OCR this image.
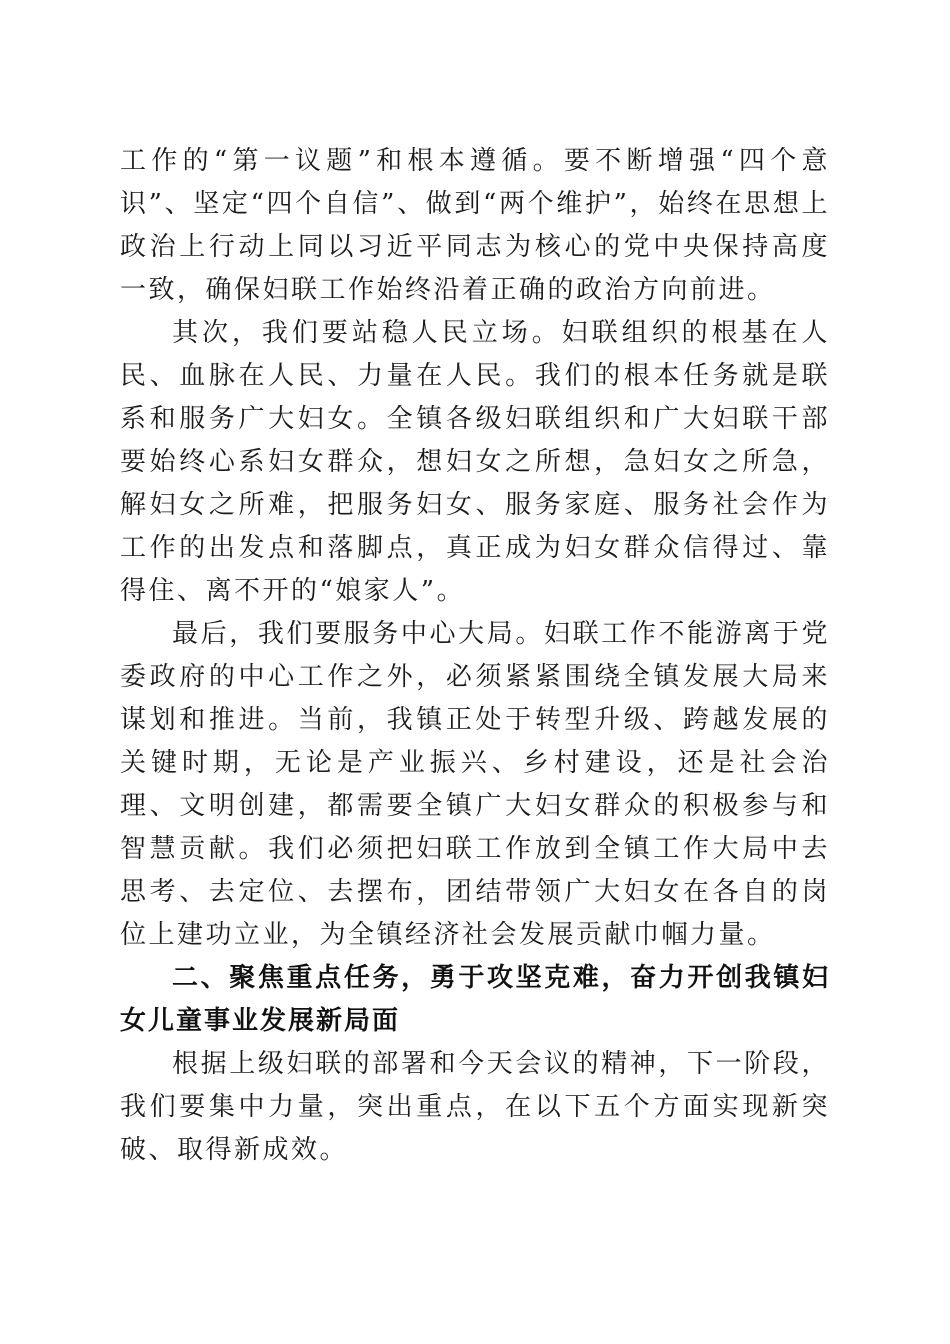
工作的“第一议题”和根本遵循。要不断增强“四个意识”、坚定“四个自信”、做到“两个维护”，始终在思想上政治上行动上同以习近平同志为核心的党中央保持高度一致，确保妇联工作始终沿着正确的政治方向前进。

其次，我们要站稳人民立场。妇联组织的根基在人民、血脉在人民、力量在人民。我们的根本任务就是联系和服务广大妇女。全镇各级妇联组织和广大妇联干部要始终心系妇女群众，想妇女之所想，急妇女之所急，解妇女之所难，把服务妇女、服务家庭、服务社会作为工作的出发点和落脚点，真正成为妇女群众信得过、靠得住、离不开的“娘家人”。

最后，我们要服务中心大局。妇联工作不能游离于党委政府的中心工作之外，必须紧紧围绕全镇发展大局来谋划和推进。当前，我镇正处于转型升级、跨越发展的关键时期，无论是产业振兴、乡村建设，还是社会治理、文明创建，都需要全镇广大妇女群众的积极参与和智慧贡献。我们必须把妇联工作放到全镇工作大局中去思考、去定位、去摆布，团结带领广大妇女在各自的岗位上建功立业，为全镇经济社会发展贡献巾帼力量。

二、聚焦重点任务，勇于攻坚克难，奋力开创我镇妇女儿童事业发展新局面

根据上级妇联的部署和今天会议的精神，下一阶段，我们要集中力量，突出重点，在以下五个方面实现新突破、取得新成效。
